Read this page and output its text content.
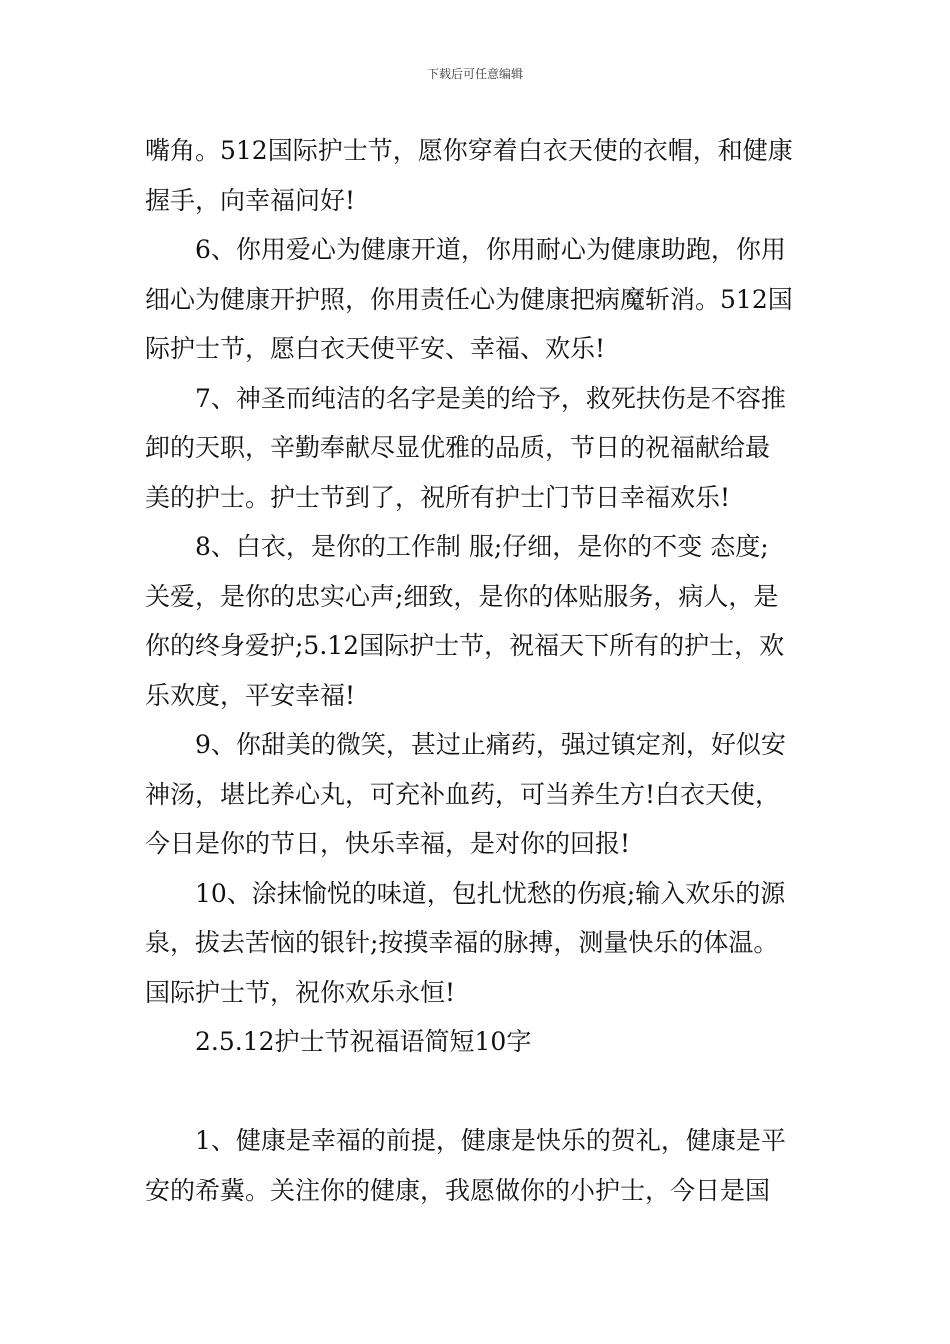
下载后可任意编辑
嘴角。512国际护士节，愿你穿着白衣天使的衣帽，和健康
握手，向幸福问好!
6、你用爱心为健康开道，你用耐心为健康助跑，你用
细心为健康开护照，你用责任心为健康把病魔斩消。512国
际护士节，愿白衣天使平安、幸福、欢乐!
7、神圣而纯洁的名字是美的给予，救死扶伤是不容推
卸的天职，辛勤奉献尽显优雅的品质，节日的祝福献给最
美的护士。护士节到了，祝所有护士门节日幸福欢乐!
8、白衣，是你的工作制 服;仔细，是你的不变 态度;
关爱，是你的忠实心声;细致，是你的体贴服务，病人，是
你的终身爱护;5.12国际护士节，祝福天下所有的护士，欢
乐欢度，平安幸福!
9、你甜美的微笑，甚过止痛药，强过镇定剂，好似安
神汤，堪比养心丸，可充补血药，可当养生方!白衣天使，
今日是你的节日，快乐幸福，是对你的回报!
10、涂抹愉悦的味道，包扎忧愁的伤痕;输入欢乐的源
泉，拔去苦恼的银针;按摸幸福的脉搏，测量快乐的体温。
国际护士节，祝你欢乐永恒!
2.5.12护士节祝福语简短10字
1、健康是幸福的前提，健康是快乐的贺礼，健康是平
安的希冀。关注你的健康，我愿做你的小护士，今日是国
